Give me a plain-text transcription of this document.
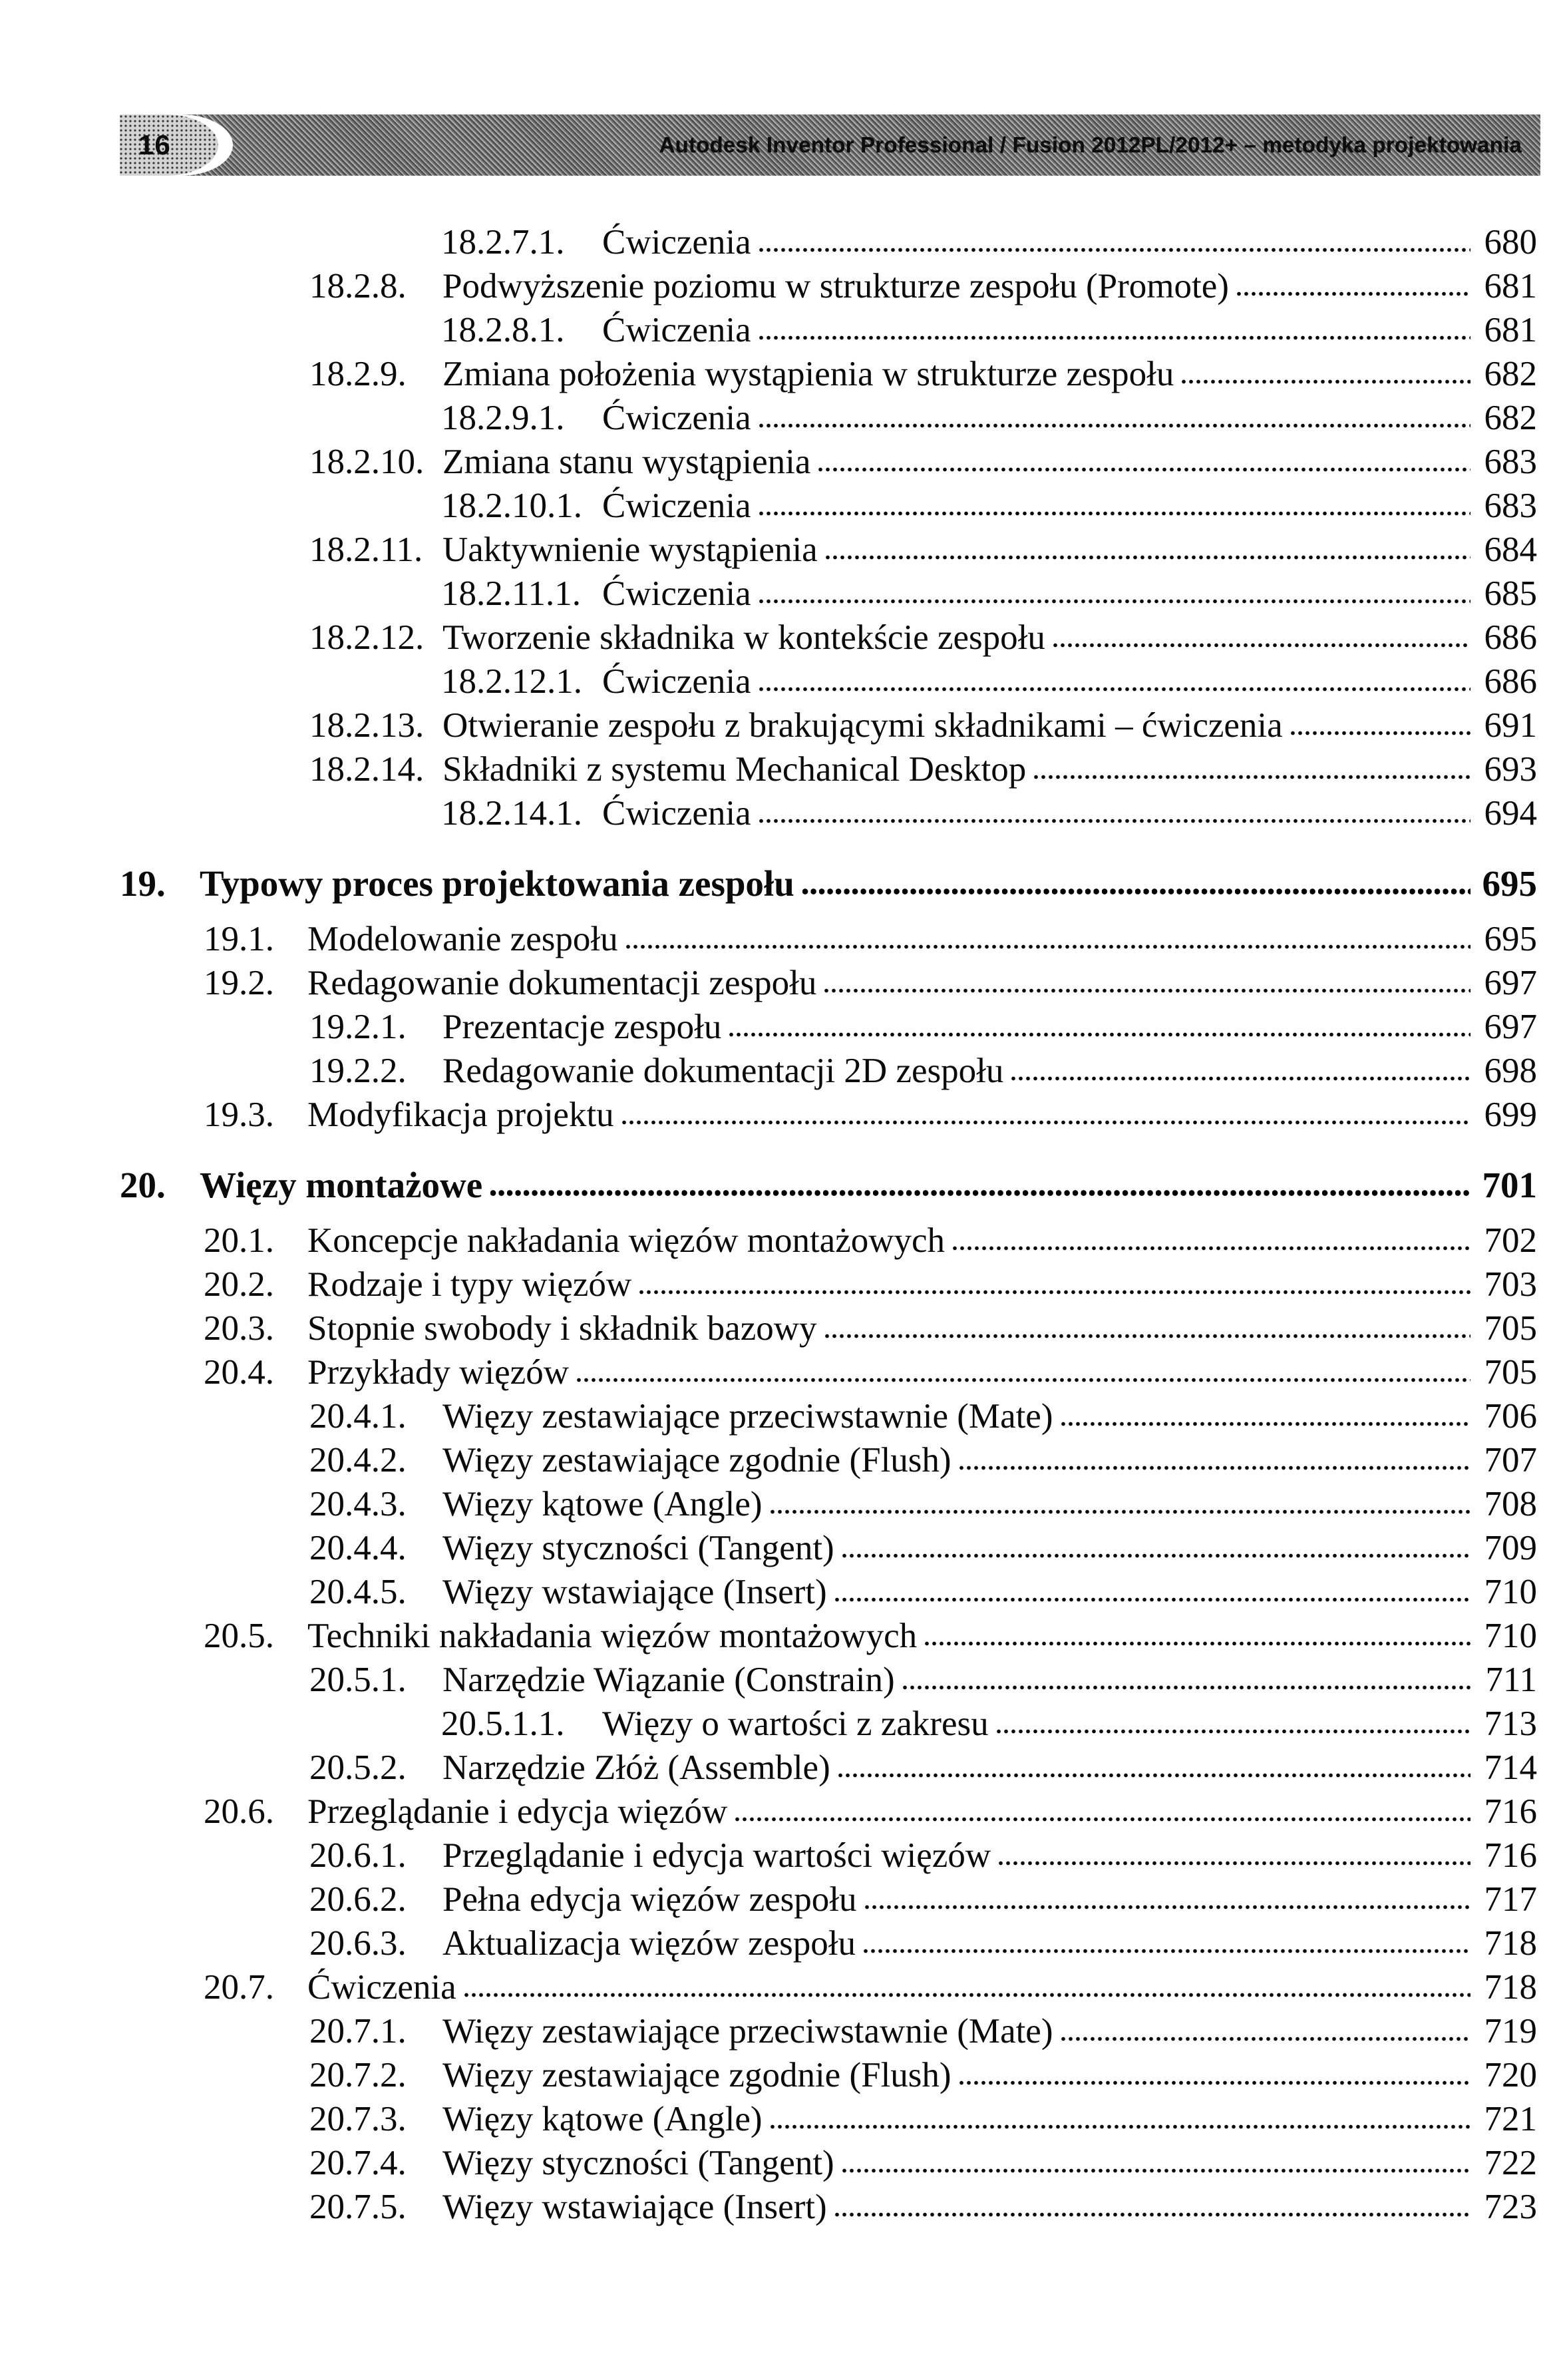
Autodesk Inventor Professional / Fusion 2012PL/2012+ – metodyka projektowania
16
18.2.7.1.	Ćwiczenia	680
18.2.8.	Podwyższenie poziomu w strukturze zespołu (Promote)	681
18.2.8.1.	Ćwiczenia	681
18.2.9.	Zmiana położenia wystąpienia w strukturze zespołu	682
18.2.9.1.	Ćwiczenia	682
18.2.10. Zmiana stanu wystąpienia	683
18.2.10.1. Ćwiczenia	683
18.2.11. Uaktywnienie wystąpienia	684
18.2.11.1. Ćwiczenia	685
18.2.12. Tworzenie składnika w kontekście zespołu	686
18.2.12.1. Ćwiczenia	686
18.2.13. Otwieranie zespołu z brakującymi składnikami – ćwiczenia	691
18.2.14. Składniki z systemu Mechanical Desktop	693
18.2.14.1. Ćwiczenia	694
19. Typowy proces projektowania zespołu	695
19.1. Modelowanie zespołu	695
19.2. Redagowanie dokumentacji zespołu	697
19.2.1.	Prezentacje zespołu	697
19.2.2.	Redagowanie dokumentacji 2D zespołu	698
19.3. Modyfikacja projektu	699
20. Więzy montażowe	701
20.1. Koncepcje nakładania więzów montażowych	702
20.2. Rodzaje i typy więzów	703
20.3. Stopnie swobody i składnik bazowy	705
20.4. Przykłady więzów	705
20.4.1.	Więzy zestawiające przeciwstawnie (Mate)	706
20.4.2.	Więzy zestawiające zgodnie (Flush)	707
20.4.3.	Więzy kątowe (Angle)	708
20.4.4.	Więzy styczności (Tangent)	709
20.4.5.	Więzy wstawiające (Insert)	710
20.5. Techniki nakładania więzów montażowych	710
20.5.1.	Narzędzie Wiązanie (Constrain)	711
20.5.1.1.	Więzy o wartości z zakresu	713
20.5.2.	Narzędzie Złóż (Assemble)	714
20.6. Przeglądanie i edycja więzów	716
20.6.1.	Przeglądanie i edycja wartości więzów	716
20.6.2.	Pełna edycja więzów zespołu	717
20.6.3.	Aktualizacja więzów zespołu	718
20.7. Ćwiczenia	718
20.7.1.	Więzy zestawiające przeciwstawnie (Mate)	719
20.7.2.	Więzy zestawiające zgodnie (Flush)	720
20.7.3.	Więzy kątowe (Angle)	721
20.7.4.	Więzy styczności (Tangent)	722
20.7.5.	Więzy wstawiające (Insert)	723
